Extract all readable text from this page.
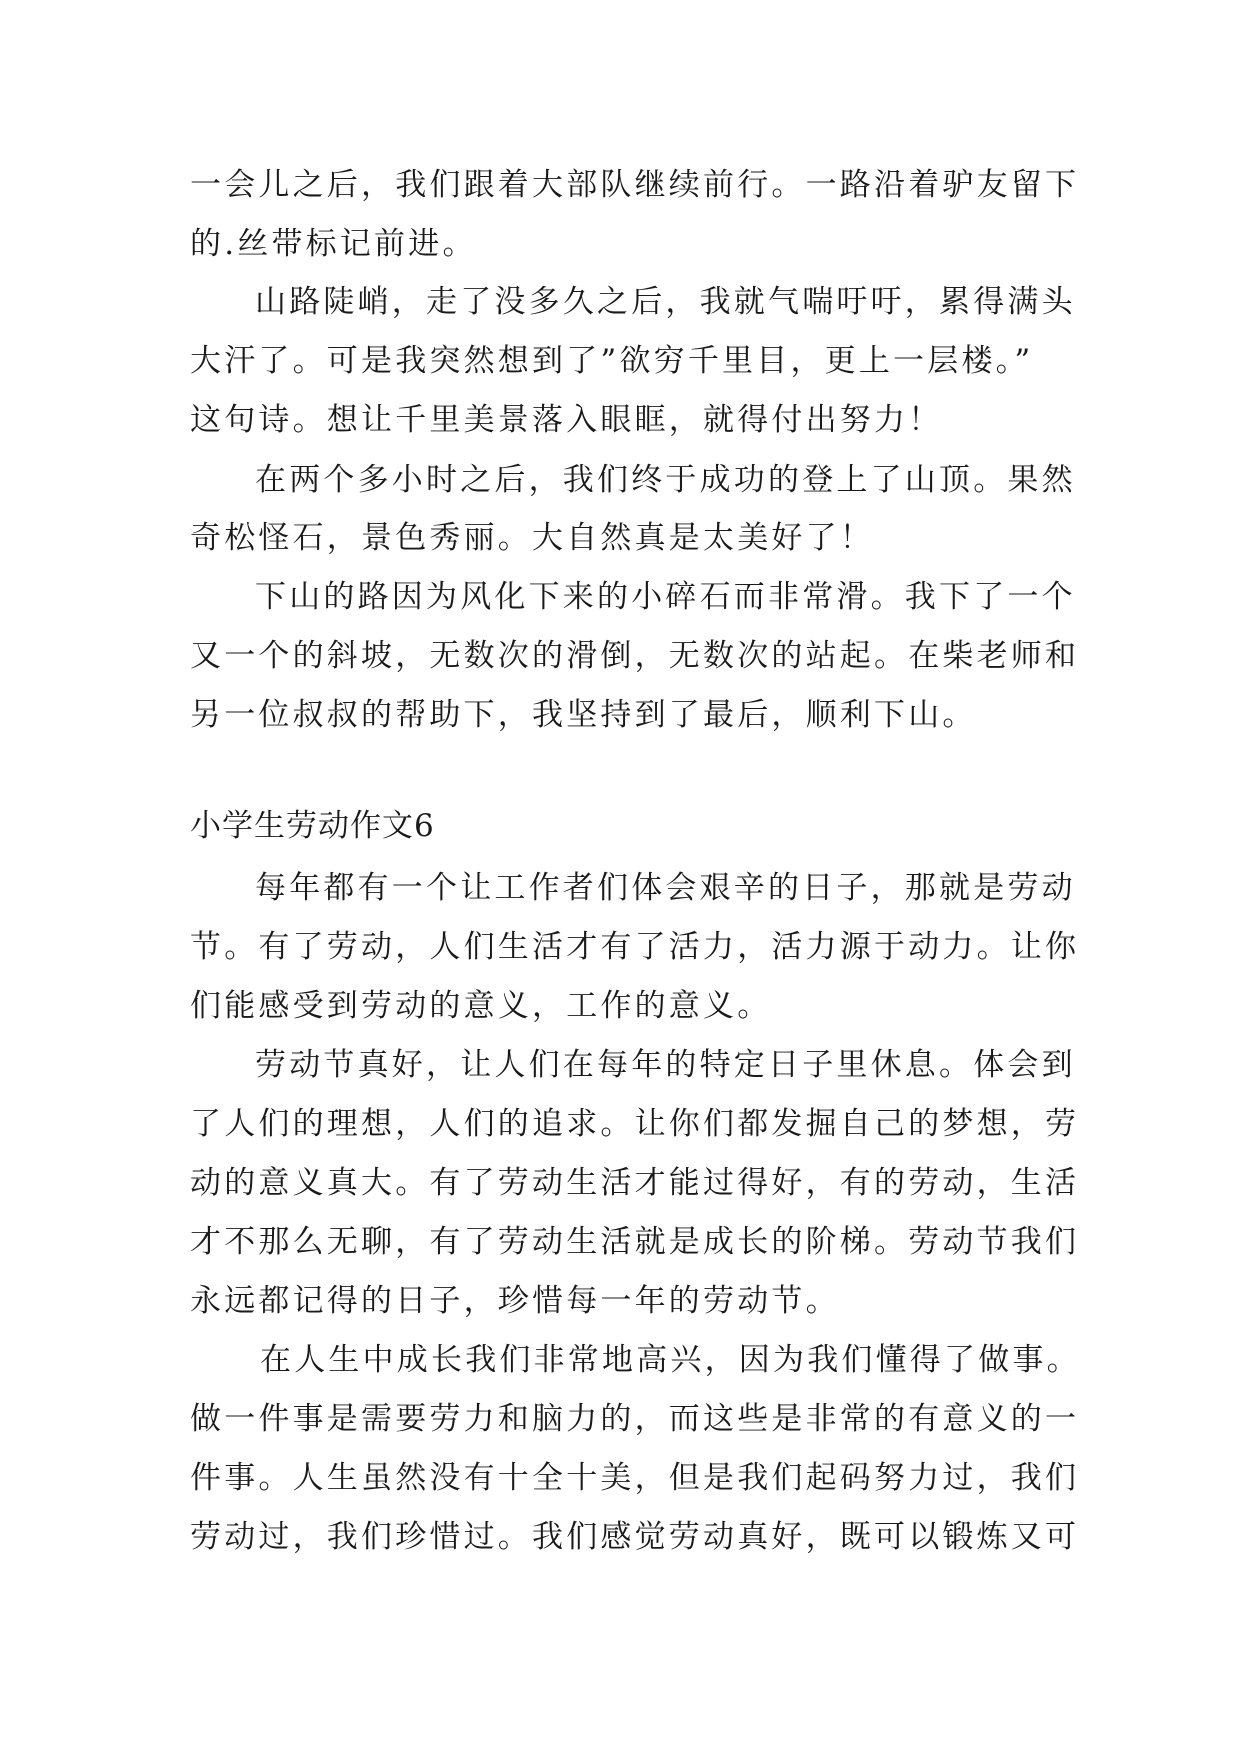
一会儿之后，我们跟着大部队继续前行。一路沿着驴友留下
的.丝带标记前进。
山路陡峭，走了没多久之后，我就气喘吁吁，累得满头
大汗了。可是我突然想到了”欲穷千里目，更上一层楼。”
这句诗。想让千里美景落入眼眶，就得付出努力！
在两个多小时之后，我们终于成功的登上了山顶。果然
奇松怪石，景色秀丽。大自然真是太美好了！
下山的路因为风化下来的小碎石而非常滑。我下了一个
又一个的斜坡，无数次的滑倒，无数次的站起。在柴老师和
另一位叔叔的帮助下，我坚持到了最后，顺利下山。
小学生劳动作文6
每年都有一个让工作者们体会艰辛的日子，那就是劳动
节。有了劳动，人们生活才有了活力，活力源于动力。让你
们能感受到劳动的意义，工作的意义。
劳动节真好，让人们在每年的特定日子里休息。体会到
了人们的理想，人们的追求。让你们都发掘自己的梦想，劳
动的意义真大。有了劳动生活才能过得好，有的劳动，生活
才不那么无聊，有了劳动生活就是成长的阶梯。劳动节我们
永远都记得的日子，珍惜每一年的劳动节。
在人生中成长我们非常地高兴，因为我们懂得了做事。
做一件事是需要劳力和脑力的，而这些是非常的有意义的一
件事。人生虽然没有十全十美，但是我们起码努力过，我们
劳动过，我们珍惜过。我们感觉劳动真好，既可以锻炼又可
